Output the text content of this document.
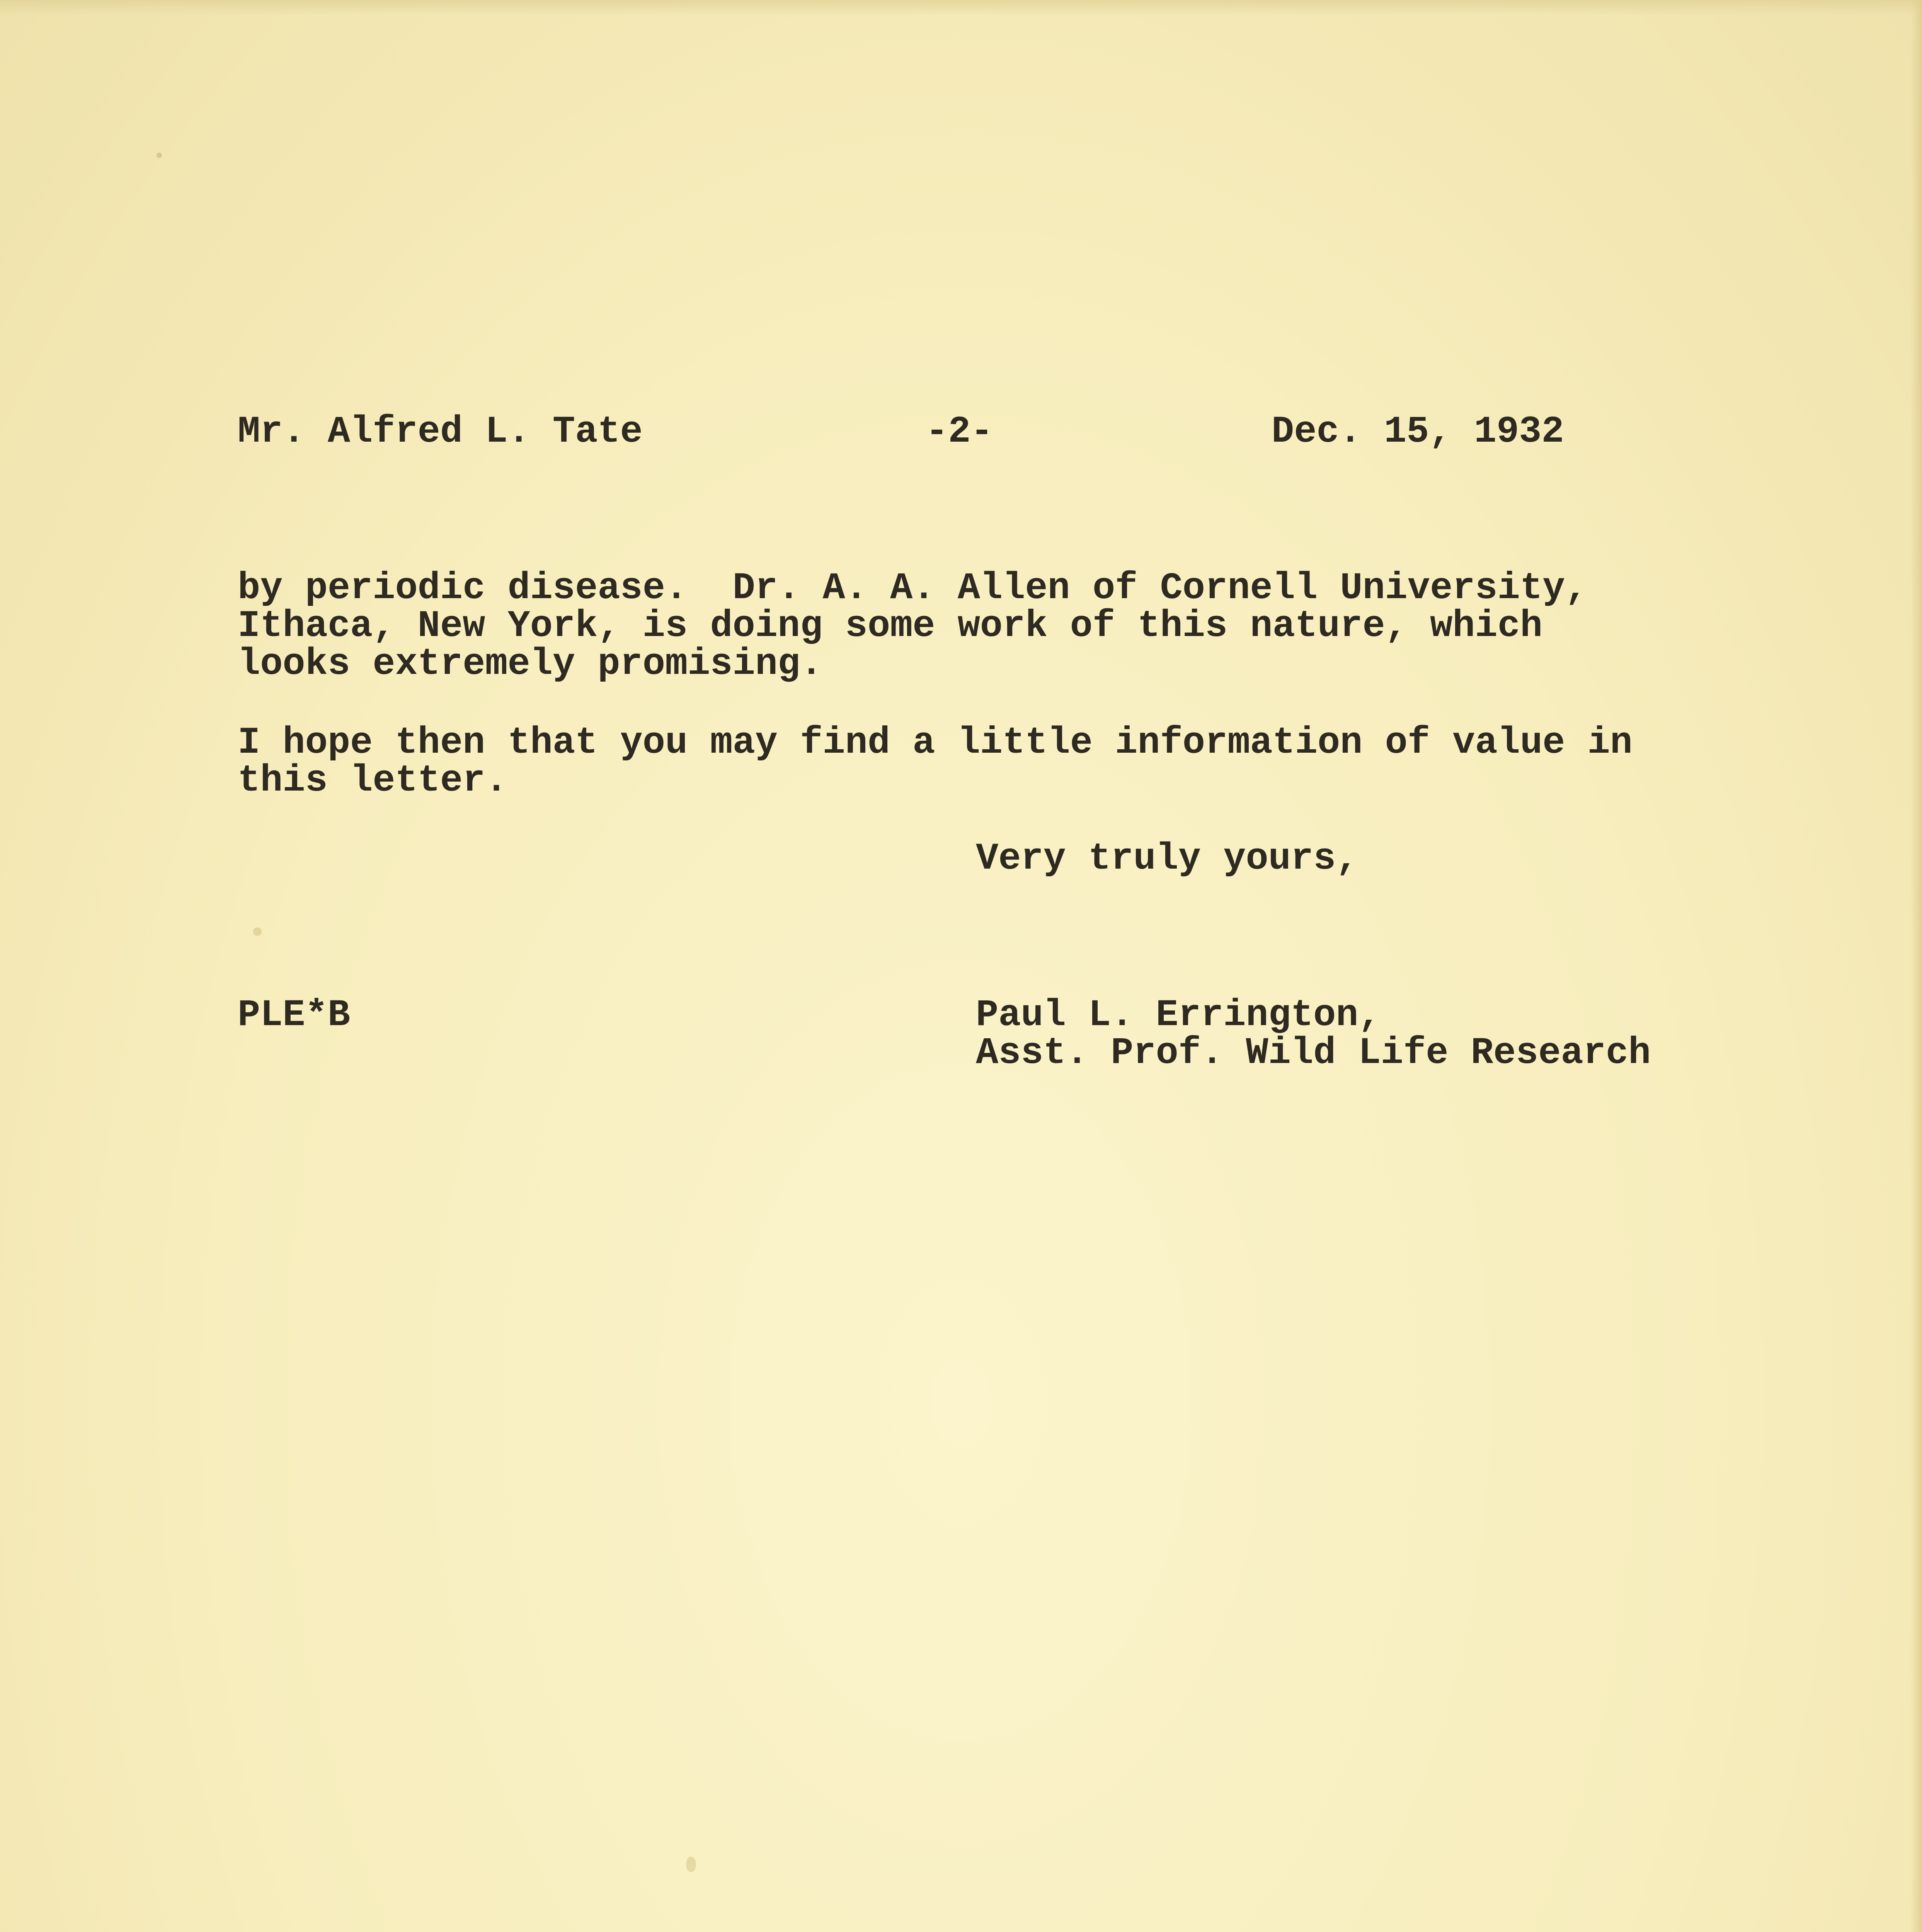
Mr. Alfred L. Tate	-2-	Dec. 15, 1932
by periodic disease.  Dr. A. A. Allen of Cornell University,
Ithaca, New York, is doing some work of this nature, which
looks extremely promising.
I hope then that you may find a little information of value in
this letter.
Very truly yours,
PLE*B	Paul L. Errington,
Asst. Prof. Wild Life Research
